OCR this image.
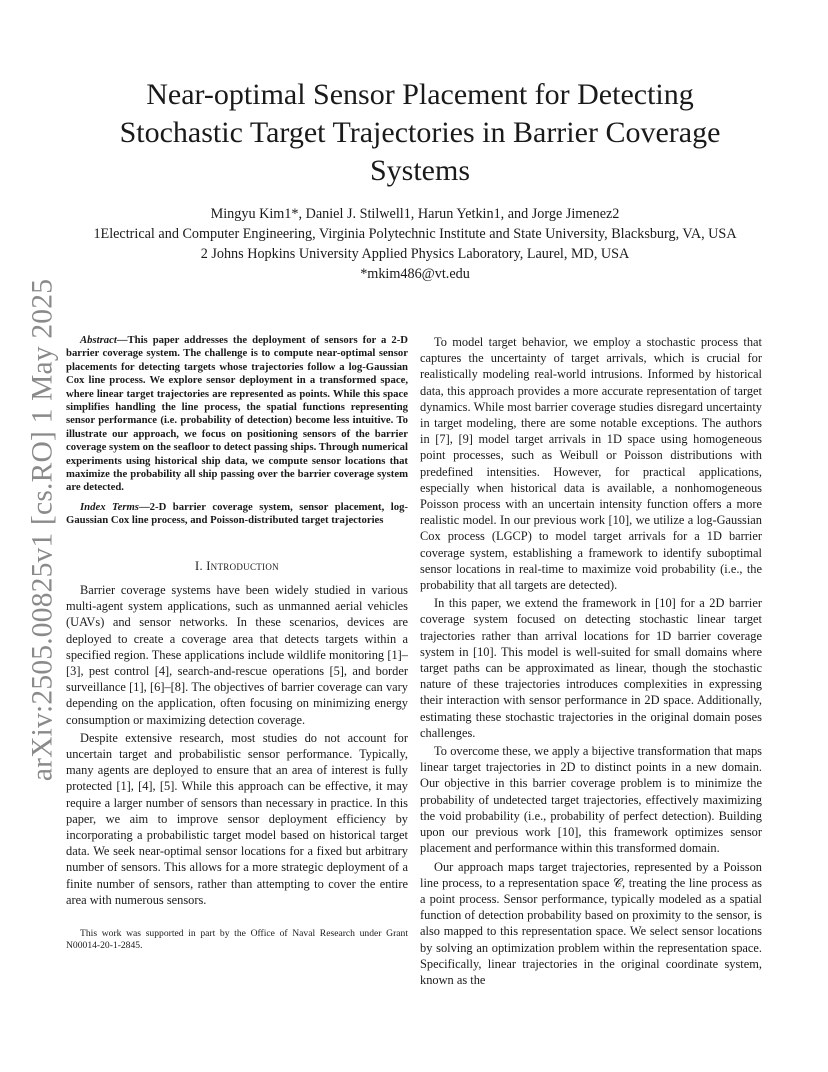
arXiv:2505.00825v1 [cs.RO] 1 May 2025
Near-optimal Sensor Placement for Detecting
Stochastic Target Trajectories in Barrier Coverage
Systems
Mingyu Kim1*, Daniel J. Stilwell1, Harun Yetkin1, and Jorge Jimenez2
1Electrical and Computer Engineering, Virginia Polytechnic Institute and State University, Blacksburg, VA, USA
2 Johns Hopkins University Applied Physics Laboratory, Laurel, MD, USA
*mkim486@vt.edu

Abstract—This paper addresses the deployment of sensors for a 2-D barrier coverage system. The challenge is to compute near-optimal sensor placements for detecting targets whose trajectories follow a log-Gaussian Cox line process. We explore sensor deployment in a transformed space, where linear target trajectories are represented as points. While this space simplifies handling the line process, the spatial functions representing sensor performance (i.e. probability of detection) become less intuitive. To illustrate our approach, we focus on positioning sensors of the barrier coverage system on the seafloor to detect passing ships. Through numerical experiments using historical ship data, we compute sensor locations that maximize the probability all ship passing over the barrier coverage system are detected.

Index Terms—2-D barrier coverage system, sensor placement, log-Gaussian Cox line process, and Poisson-distributed target trajectories

I. Introduction

Barrier coverage systems have been widely studied in various multi-agent system applications, such as unmanned aerial vehicles (UAVs) and sensor networks. In these scenarios, devices are deployed to create a coverage area that detects targets within a specified region. These applications include wildlife monitoring [1]–[3], pest control [4], search-and-rescue operations [5], and border surveillance [1], [6]–[8]. The objectives of barrier coverage can vary depending on the application, often focusing on minimizing energy consumption or maximizing detection coverage.

Despite extensive research, most studies do not account for uncertain target and probabilistic sensor performance. Typically, many agents are deployed to ensure that an area of interest is fully protected [1], [4], [5]. While this approach can be effective, it may require a larger number of sensors than necessary in practice. In this paper, we aim to improve sensor deployment efficiency by incorporating a probabilistic target model based on historical target data. We seek near-optimal sensor locations for a fixed but arbitrary number of sensors. This allows for a more strategic deployment of a finite number of sensors, rather than attempting to cover the entire area with numerous sensors.

This work was supported in part by the Office of Naval Research under Grant N00014-20-1-2845.

To model target behavior, we employ a stochastic process that captures the uncertainty of target arrivals, which is crucial for realistically modeling real-world intrusions. Informed by historical data, this approach provides a more accurate representation of target dynamics. While most barrier coverage studies disregard uncertainty in target modeling, there are some notable exceptions. The authors in [7], [9] model target arrivals in 1D space using homogeneous point processes, such as Weibull or Poisson distributions with predefined intensities. However, for practical applications, especially when historical data is available, a nonhomogeneous Poisson process with an uncertain intensity function offers a more realistic model. In our previous work [10], we utilize a log-Gaussian Cox process (LGCP) to model target arrivals for a 1D barrier coverage system, establishing a framework to identify suboptimal sensor locations in real-time to maximize void probability (i.e., the probability that all targets are detected).

In this paper, we extend the framework in [10] for a 2D barrier coverage system focused on detecting stochastic linear target trajectories rather than arrival locations for 1D barrier coverage system in [10]. This model is well-suited for small domains where target paths can be approximated as linear, though the stochastic nature of these trajectories introduces complexities in expressing their interaction with sensor performance in 2D space. Additionally, estimating these stochastic trajectories in the original domain poses challenges.

To overcome these, we apply a bijective transformation that maps linear target trajectories in 2D to distinct points in a new domain. Our objective in this barrier coverage problem is to minimize the probability of undetected target trajectories, effectively maximizing the void probability (i.e., probability of perfect detection). Building upon our previous work [10], this framework optimizes sensor placement and performance within this transformed domain.

Our approach maps target trajectories, represented by a Poisson line process, to a representation space 𝒞, treating the line process as a point process. Sensor performance, typically modeled as a spatial function of detection probability based on proximity to the sensor, is also mapped to this representation space. We select sensor locations by solving an optimization problem within the representation space. Specifically, linear trajectories in the original coordinate system, known as the
